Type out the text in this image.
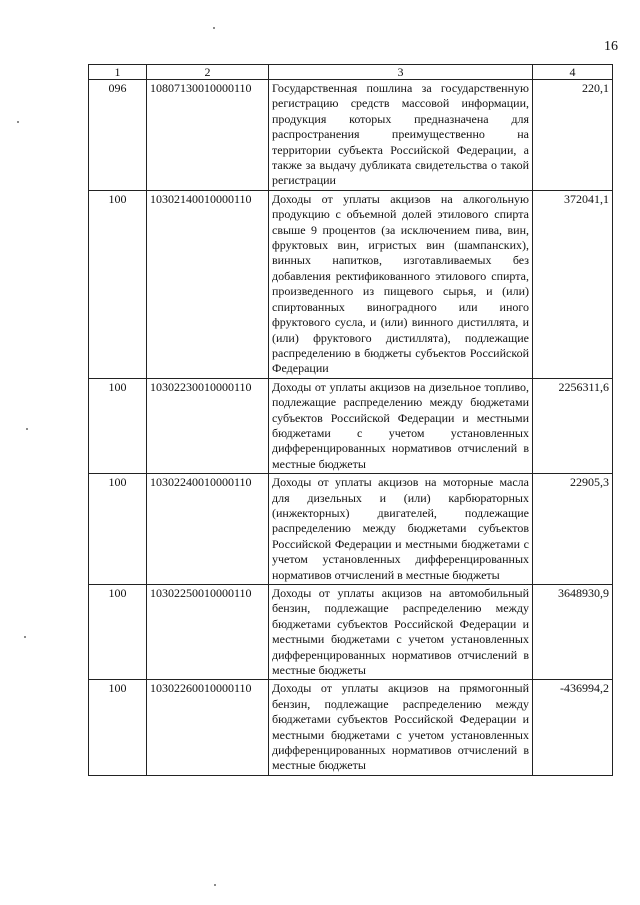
16
1	2	3	4
096	10807130010000110	Государственная пошлина за государственную регистрацию средств массовой информации, продукция которых предназначена для распространения преимущественно на территории субъекта Российской Федерации, а также за выдачу дубликата свидетельства о такой регистрации	220,1
100	10302140010000110	Доходы от уплаты акцизов на алкогольную продукцию с объемной долей этилового спирта свыше 9 процентов (за исключением пива, вин, фруктовых вин, игристых вин (шампанских), винных напитков, изготавливаемых без добавления ректификованного этилового спирта, произведенного из пищевого сырья, и (или) спиртованных виноградного или иного фруктового сусла, и (или) винного дистиллята, и (или) фруктового дистиллята), подлежащие распределению в бюджеты субъектов Российской Федерации	372041,1
100	10302230010000110	Доходы от уплаты акцизов на дизельное топливо, подлежащие распределению между бюджетами субъектов Российской Федерации и местными бюджетами с учетом установленных дифференцированных нормативов отчислений в местные бюджеты	2256311,6
100	10302240010000110	Доходы от уплаты акцизов на моторные масла для дизельных и (или) карбюраторных (инжекторных) двигателей, подлежащие распределению между бюджетами субъектов Российской Федерации и местными бюджетами с учетом установленных дифференцированных нормативов отчислений в местные бюджеты	22905,3
100	10302250010000110	Доходы от уплаты акцизов на автомобильный бензин, подлежащие распределению между бюджетами субъектов Российской Федерации и местными бюджетами с учетом установленных дифференцированных нормативов отчислений в местные бюджеты	3648930,9
100	10302260010000110	Доходы от уплаты акцизов на прямогонный бензин, подлежащие распределению между бюджетами субъектов Российской Федерации и местными бюджетами с учетом установленных дифференцированных нормативов отчислений в местные бюджеты	-436994,2
